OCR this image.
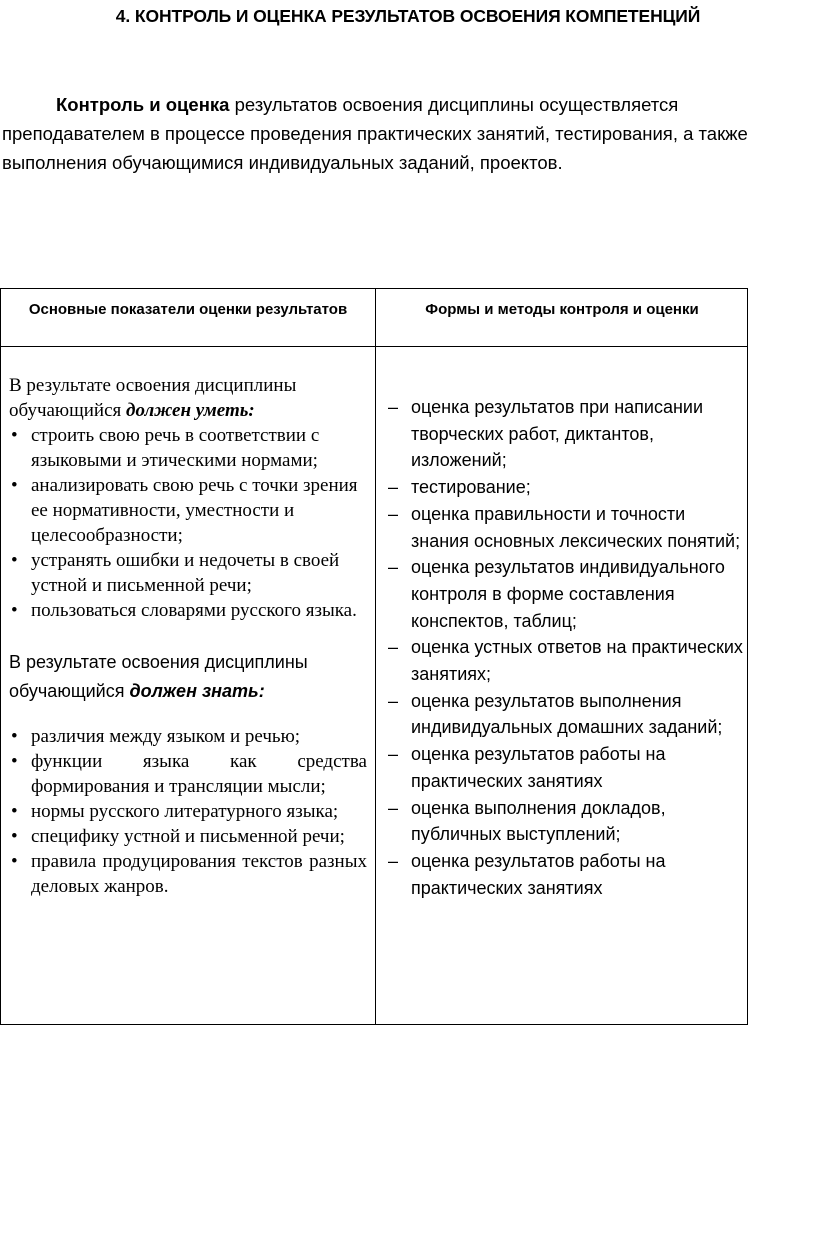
4. КОНТРОЛЬ И ОЦЕНКА РЕЗУЛЬТАТОВ ОСВОЕНИЯ КОМПЕТЕНЦИЙ

Контроль и оценка результатов освоения дисциплины осуществляется преподавателем в процессе проведения практических занятий, тестирования, а также выполнения обучающимися индивидуальных заданий, проектов.

Основные показатели оценки результатов	Формы и методы контроля и оценки

В результате освоения дисциплины обучающийся должен уметь:

• строить свою речь в соответствии с языковыми и этическими нормами;
• анализировать свою речь с точки зрения ее нормативности, уместности и целесообразности;
• устранять ошибки и недочеты в своей устной и письменной речи;
• пользоваться словарями русского языка.

В результате освоения дисциплины обучающийся должен знать:

• различия между языком и речью;
• функции языка как средства формирования и трансляции мысли;
• нормы русского литературного языка;
• специфику устной и письменной речи;
• правила продуцирования текстов разных деловых жанров.
– оценка результатов при написании творческих работ, диктантов, изложений;
– тестирование;
– оценка правильности и точности знания основных лексических понятий;
– оценка результатов индивидуального контроля в форме составления конспектов, таблиц;
– оценка устных ответов на практических занятиях;
– оценка результатов выполнения индивидуальных домашних заданий;
– оценка результатов работы на практических занятиях
– оценка выполнения докладов, публичных выступлений;
– оценка результатов работы на практических занятиях
